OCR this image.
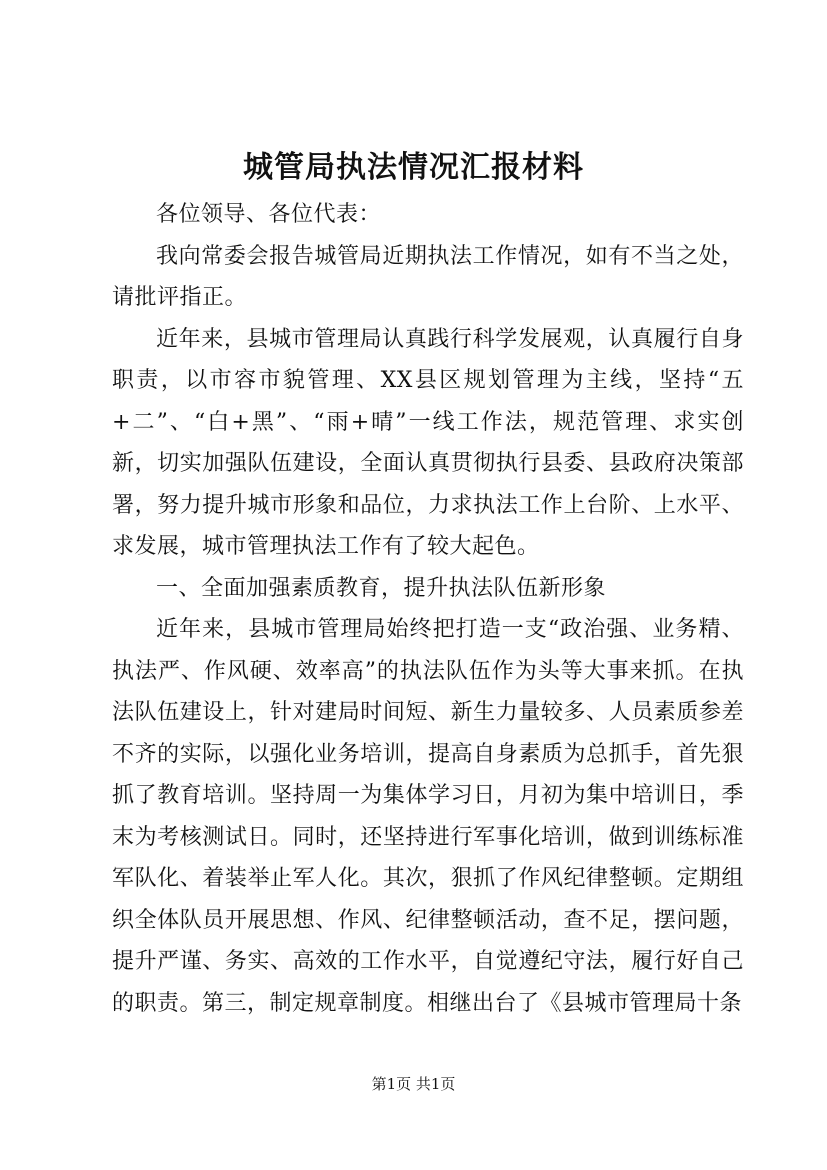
城管局执法情况汇报材料

各位领导、各位代表：

我向常委会报告城管局近期执法工作情况，如有不当之处，请批评指正。

近年来，县城市管理局认真践行科学发展观，认真履行自身职责，以市容市貌管理、XX县区规划管理为主线，坚持“五+二”、“白+黑”、“雨+晴”一线工作法，规范管理、求实创新，切实加强队伍建设，全面认真贯彻执行县委、县政府决策部署，努力提升城市形象和品位，力求执法工作上台阶、上水平、求发展，城市管理执法工作有了较大起色。

一、全面加强素质教育，提升执法队伍新形象

近年来，县城市管理局始终把打造一支“政治强、业务精、执法严、作风硬、效率高”的执法队伍作为头等大事来抓。在执法队伍建设上，针对建局时间短、新生力量较多、人员素质参差不齐的实际，以强化业务培训，提高自身素质为总抓手，首先狠抓了教育培训。坚持周一为集体学习日，月初为集中培训日，季末为考核测试日。同时，还坚持进行军事化培训，做到训练标准军队化、着装举止军人化。其次，狠抓了作风纪律整顿。定期组织全体队员开展思想、作风、纪律整顿活动，查不足，摆问题，提升严谨、务实、高效的工作水平，自觉遵纪守法，履行好自己的职责。第三，制定规章制度。相继出台了《县城市管理局十条

第1页 共1页
